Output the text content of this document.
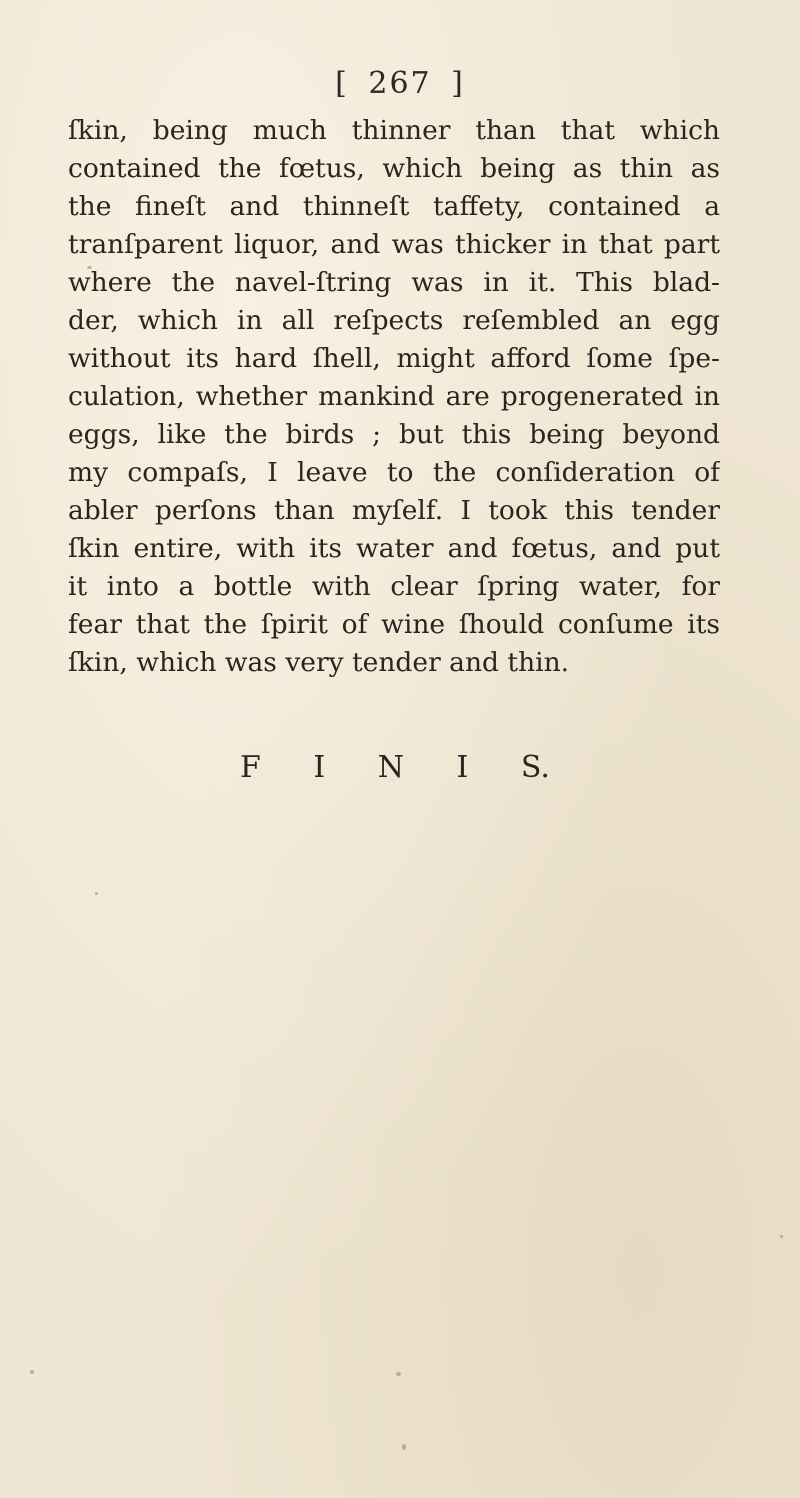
[ 267 ]
ſkin, being much thinner than that which
contained the fœtus, which being as thin as
the fineſt and thinneſt taffety, contained a
tranſparent liquor, and was thicker in that part
where the navel-ſtring was in it. This blad-
der, which in all reſpects reſembled an egg
without its hard ſhell, might afford ſome ſpe-
culation, whether mankind are progenerated in
eggs, like the birds ; but this being beyond
my compaſs, I leave to the conſideration of
abler perſons than myſelf. I took this tender
ſkin entire, with its water and fœtus, and put
it into a bottle with clear ſpring water, for
fear that the ſpirit of wine ſhould conſume its
ſkin, which was very tender and thin.
F I N I S.
